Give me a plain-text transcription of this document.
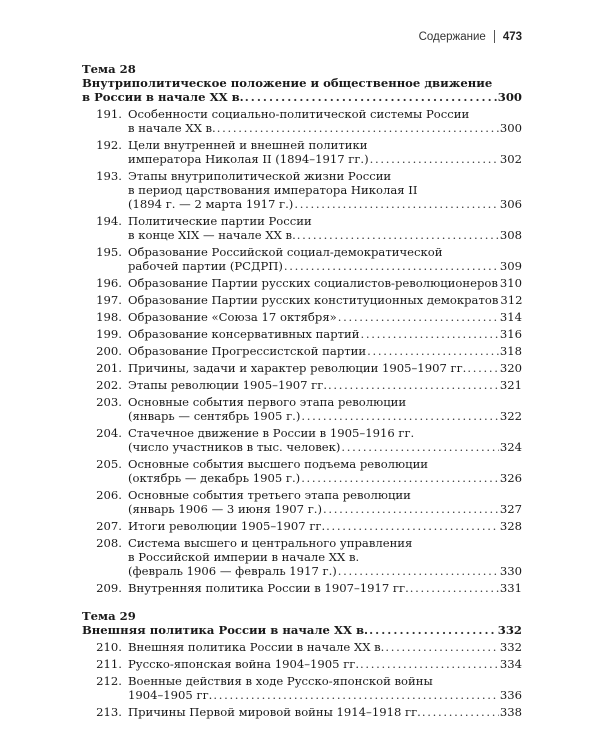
Содержание 473
Тема 28
Внутриполитическое положение и общественное движение
в России в начале XX в. . . .	300
191. Особенности социально-политической системы России
в начале XX в. . . .	300
192. Цели внутренней и внешней политики
императора Николая II (1894–1917 гг.) . . .	302
193. Этапы внутриполитической жизни России
в период царствования императора Николая II
(1894 г. — 2 марта 1917 г.) . . .	306
194. Политические партии России
в конце XIX — начале XX в. . . .	308
195. Образование Российской социал-демократической
рабочей партии (РСДРП) . . .	309
196. Образование Партии русских социалистов-революционеров 310
197. Образование Партии русских конституционных демократов 312
198. Образование «Союза 17 октября» . . .	314
199. Образование консервативных партий . . .	316
200. Образование Прогрессистской партии . . .	318
201. Причины, задачи и характер революции 1905–1907 гг. . . .	320
202. Этапы революции 1905–1907 гг. . . .	321
203. Основные события первого этапа революции
(январь — сентябрь 1905 г.) . . .	322
204. Стачечное движение в России в 1905–1916 гг.
(число участников в тыс. человек) . . .	324
205. Основные события высшего подъема революции
(октябрь — декабрь 1905 г.) . . .	326
206. Основные события третьего этапа революции
(январь 1906 — 3 июня 1907 г.) . . .	327
207. Итоги революции 1905–1907 гг. . . .	328
208. Система высшего и центрального управления
в Российской империи в начале XX в.
(февраль 1906 — февраль 1917 г.) . . .	330
209. Внутренняя политика России в 1907–1917 гг. . . .	331
Тема 29
Внешняя политика России в начале XX в. . . .	332
210. Внешняя политика России в начале XX в. . . .	332
211. Русско-японская война 1904–1905 гг. . . .	334
212. Военные действия в ходе Русско-японской войны
1904–1905 гг. . . .	336
213. Причины Первой мировой войны 1914–1918 гг. . . .	338
